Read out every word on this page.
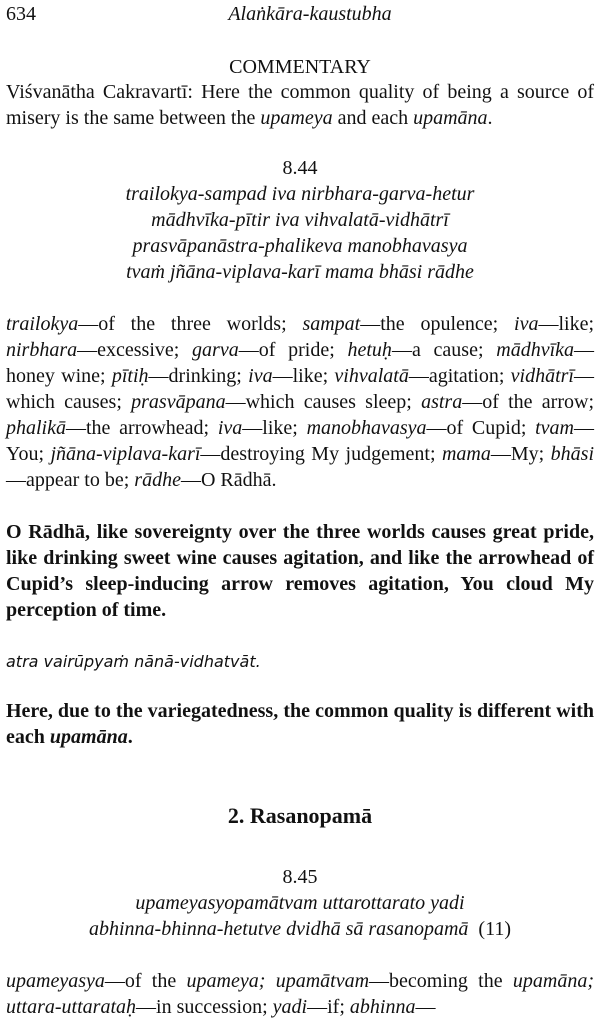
634	Alaṅkāra-kaustubha
COMMENTARY

Viśvanātha Cakravartī: Here the common quality of being a source of misery is the same between the upameya and each upamāna.

8.44
trailokya-sampad iva nirbhara-garva-hetur
mādhvīka-pītir iva vihvalatā-vidhātrī
prasvāpanāstra-phalikeva manobhavasya
tvaṁ jñāna-viplava-karī mama bhāsi rādhe

trailokya—of the three worlds; sampat—the opulence; iva—like; nirbhara—excessive; garva—of pride; hetuḥ—a cause; mādhvīka—honey wine; pītiḥ—drinking; iva—like; vihvalatā—agitation; vidhātrī—which causes; prasvāpana—which causes sleep; astra—of the arrow; phalikā—the arrowhead; iva—like; manobhavasya—of Cupid; tvam—You; jñāna-viplava-karī—destroying My judgement; mama—My; bhāsi—appear to be; rādhe—O Rādhā.

O Rādhā, like sovereignty over the three worlds causes great pride, like drinking sweet wine causes agitation, and like the arrowhead of Cupid’s sleep-inducing arrow removes agitation, You cloud My perception of time.

atra vairūpyaṁ nānā-vidhatvāt.

Here, due to the variegatedness, the common quality is different with each upamāna.

2. Rasanopamā
8.45
upameyasyopamātvam uttarottarato yadi
abhinna-bhinna-hetutve dvidhā sā rasanopamā (11)

upameyasya—of the upameya; upamātvam—becoming the upamāna; uttara-uttarataḥ—in succession; yadi—if; abhinna—
